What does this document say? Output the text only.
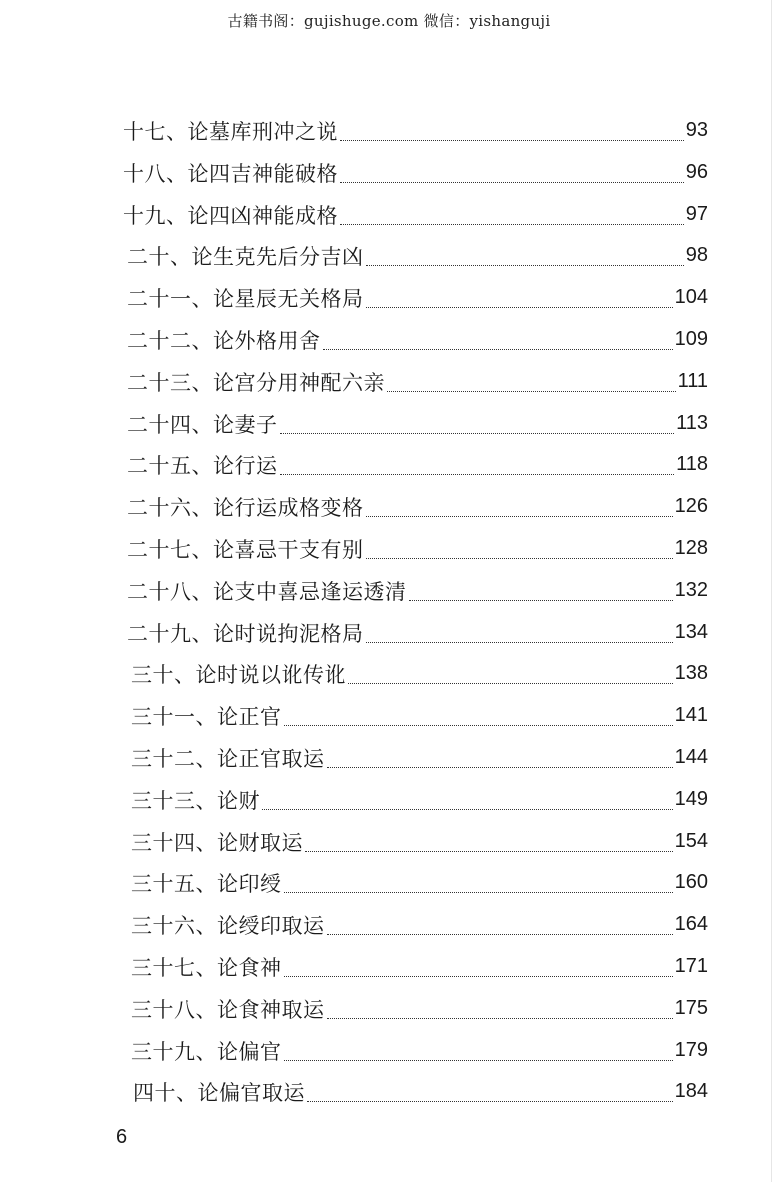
古籍书阁：gujishuge.com 微信：yishanguji
十七、论墓库刑冲之说	93
十八、论四吉神能破格	96
十九、论四凶神能成格	97
二十、论生克先后分吉凶	98
二十一、论星辰无关格局	104
二十二、论外格用舍	109
二十三、论宫分用神配六亲	111
二十四、论妻子	113
二十五、论行运	118
二十六、论行运成格变格	126
二十七、论喜忌干支有别	128
二十八、论支中喜忌逢运透清	132
二十九、论时说拘泥格局	134
三十、论时说以讹传讹	138
三十一、论正官	141
三十二、论正官取运	144
三十三、论财	149
三十四、论财取运	154
三十五、论印绶	160
三十六、论绶印取运	164
三十七、论食神	171
三十八、论食神取运	175
三十九、论偏官	179
四十、论偏官取运	184
6
